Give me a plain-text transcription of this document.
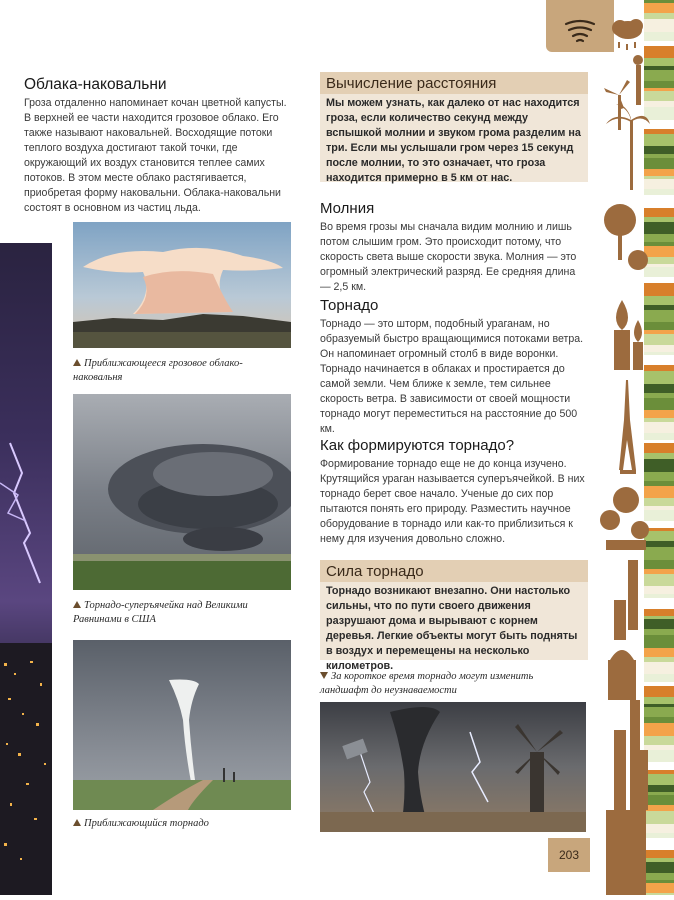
Облака-наковальни

Гроза отдаленно напоминает кочан цветной капусты. В верхней ее части находится грозовое облако. Его также называют наковальней. Восходящие потоки теплого воздуха достигают такой точки, где окружающий их воздух становится теплее самих потоков. В этом месте облако растягивается, приобретая форму наковальни. Облака-наковальни состоят в основном из частиц льда.

Приближающееся грозовое облако-наковальня
Торнадо-суперъячейка над Великими Равнинами в США
Приближающийся торнадо
Вычисление расстояния
Мы можем узнать, как далеко от нас находится гроза, если количество секунд между вспышкой молнии и звуком грома разделим на три. Если мы услышали гром через 15 секунд после молнии, то это означает, что гроза находится примерно в 5 км от нас.
Молния

Во время грозы мы сначала видим молнию и лишь потом слышим гром. Это происходит потому, что скорость света выше скорости звука. Молния — это огромный электрический разряд. Ее средняя длина — 2,5 км.

Торнадо

Торнадо — это шторм, подобный ураганам, но образуемый быстро вращающимися потоками ветра. Он напоминает огромный столб в виде воронки. Торнадо начинается в облаках и простирается до самой земли. Чем ближе к земле, тем сильнее скорость ветра. В зависимости от своей мощности торнадо могут переместиться на расстояние до 500 км.

Как формируются торнадо?

Формирование торнадо еще не до конца изучено. Крутящийся ураган называется суперъячейкой. В них торнадо берет свое начало. Ученые до сих пор пытаются понять его природу. Разместить научное оборудование в торнадо или как-то приблизиться к нему для изучения довольно сложно.

Сила торнадо
Торнадо возникают внезапно. Они настолько сильны, что по пути своего движения разрушают дома и вырывают с корнем деревья. Легкие объекты могут быть подняты в воздух и перемещены на несколько километров.
За короткое время торнадо могут изменить ландшафт до неузнаваемости
203
